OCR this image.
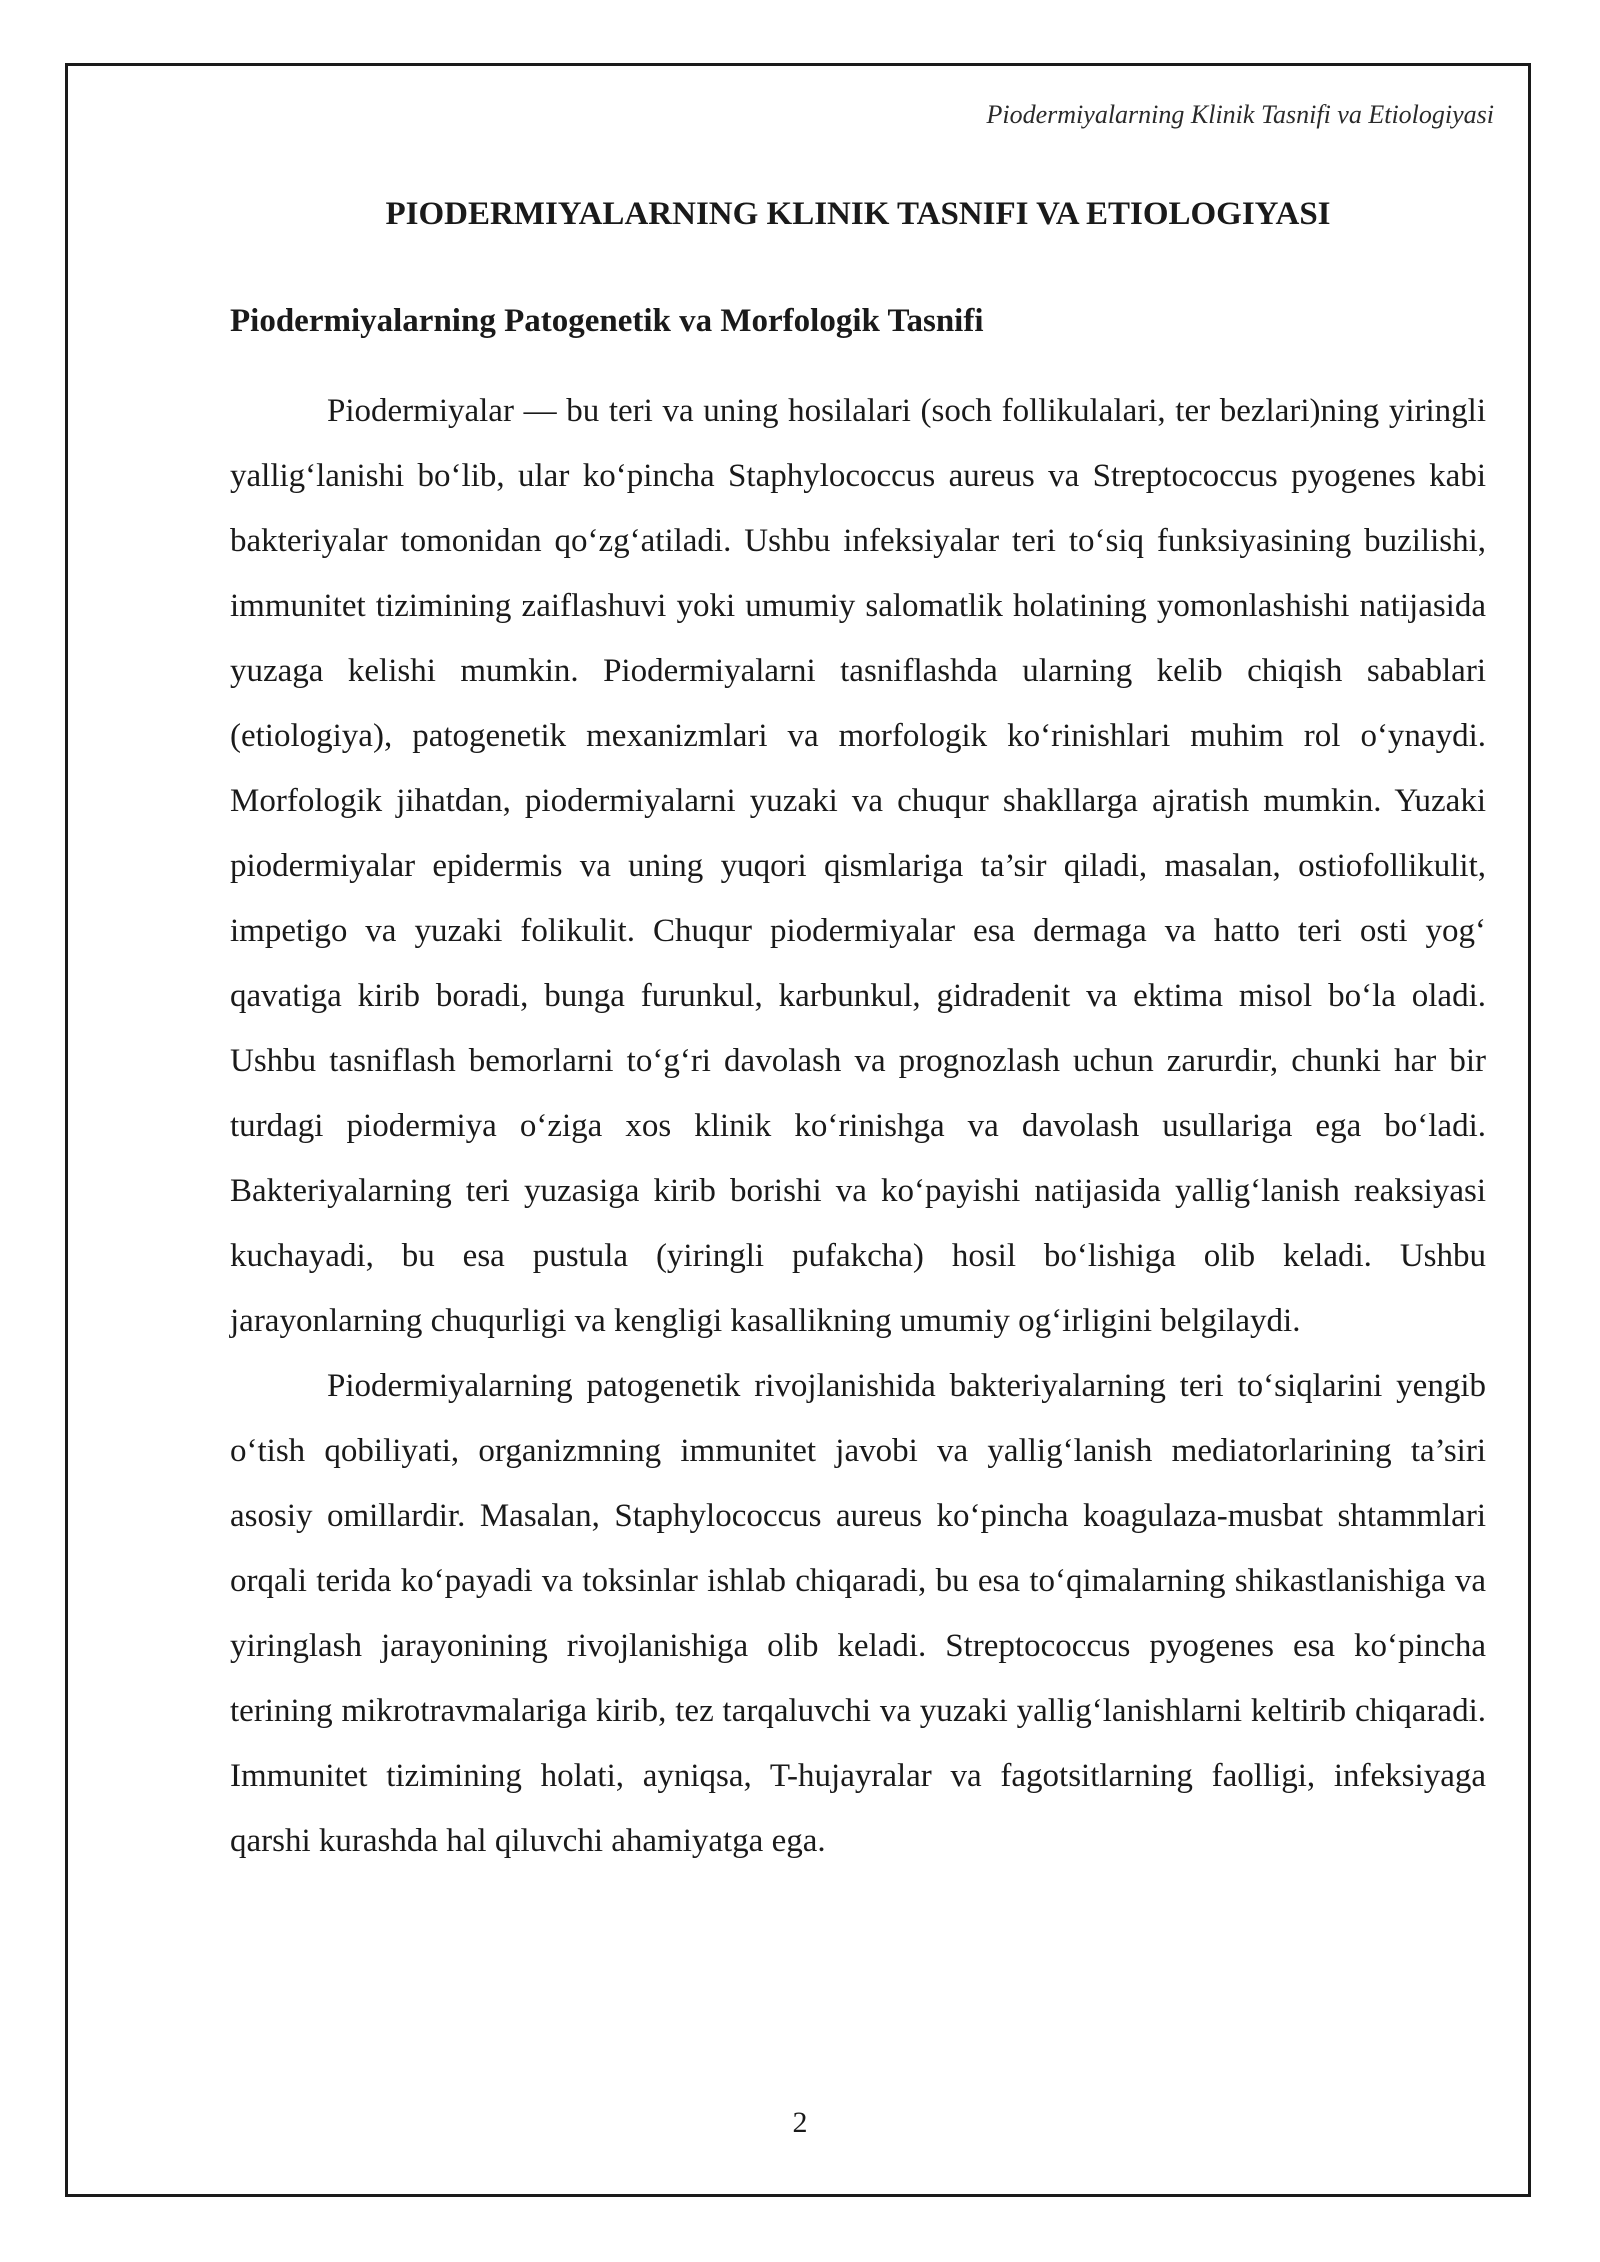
Piodermiyalarning Klinik Tasnifi va Etiologiyasi
PIODERMIYALARNING KLINIK TASNIFI VA ETIOLOGIYASI
Piodermiyalarning Patogenetik va Morfologik Tasnifi

Piodermiyalar — bu teri va uning hosilalari (soch follikulalari, ter bezlari)ning yiringli yallig‘lanishi bo‘lib, ular ko‘pincha Staphylococcus aureus va Streptococcus pyogenes kabi bakteriyalar tomonidan qo‘zg‘atiladi. Ushbu infeksiyalar teri to‘siq funksiyasining buzilishi, immunitet tizimining zaiflashuvi yoki umumiy salomatlik holatining yomonlashishi natijasida yuzaga kelishi mumkin. Piodermiyalarni tasniflashda ularning kelib chiqish sabablari (etiologiya), patogenetik mexanizmlari va morfologik ko‘rinishlari muhim rol o‘ynaydi. Morfologik jihatdan, piodermiyalarni yuzaki va chuqur shakllarga ajratish mumkin. Yuzaki piodermiyalar epidermis va uning yuqori qismlariga ta’sir qiladi, masalan, ostiofollikulit, impetigo va yuzaki folikulit. Chuqur piodermiyalar esa dermaga va hatto teri osti yog‘ qavatiga kirib boradi, bunga furunkul, karbunkul, gidradenit va ektima misol bo‘la oladi. Ushbu tasniflash bemorlarni to‘g‘ri davolash va prognozlash uchun zarurdir, chunki har bir turdagi piodermiya o‘ziga xos klinik ko‘rinishga va davolash usullariga ega bo‘ladi. Bakteriyalarning teri yuzasiga kirib borishi va ko‘payishi natijasida yallig‘lanish reaksiyasi kuchayadi, bu esa pustula (yiringli pufakcha) hosil bo‘lishiga olib keladi. Ushbu jarayonlarning chuqurligi va kengligi kasallikning umumiy og‘irligini belgilaydi.

Piodermiyalarning patogenetik rivojlanishida bakteriyalarning teri to‘siqlarini yengib o‘tish qobiliyati, organizmning immunitet javobi va yallig‘lanish mediatorlarining ta’siri asosiy omillardir. Masalan, Staphylococcus aureus ko‘pincha koagulaza-musbat shtammlari orqali terida ko‘payadi va toksinlar ishlab chiqaradi, bu esa to‘qimalarning shikastlanishiga va yiringlash jarayonining rivojlanishiga olib keladi. Streptococcus pyogenes esa ko‘pincha terining mikrotravmalariga kirib, tez tarqaluvchi va yuzaki yallig‘lanishlarni keltirib chiqaradi. Immunitet tizimining holati, ayniqsa, T-hujayralar va fagotsitlarning faolligi, infeksiyaga qarshi kurashda hal qiluvchi ahamiyatga ega.

2
